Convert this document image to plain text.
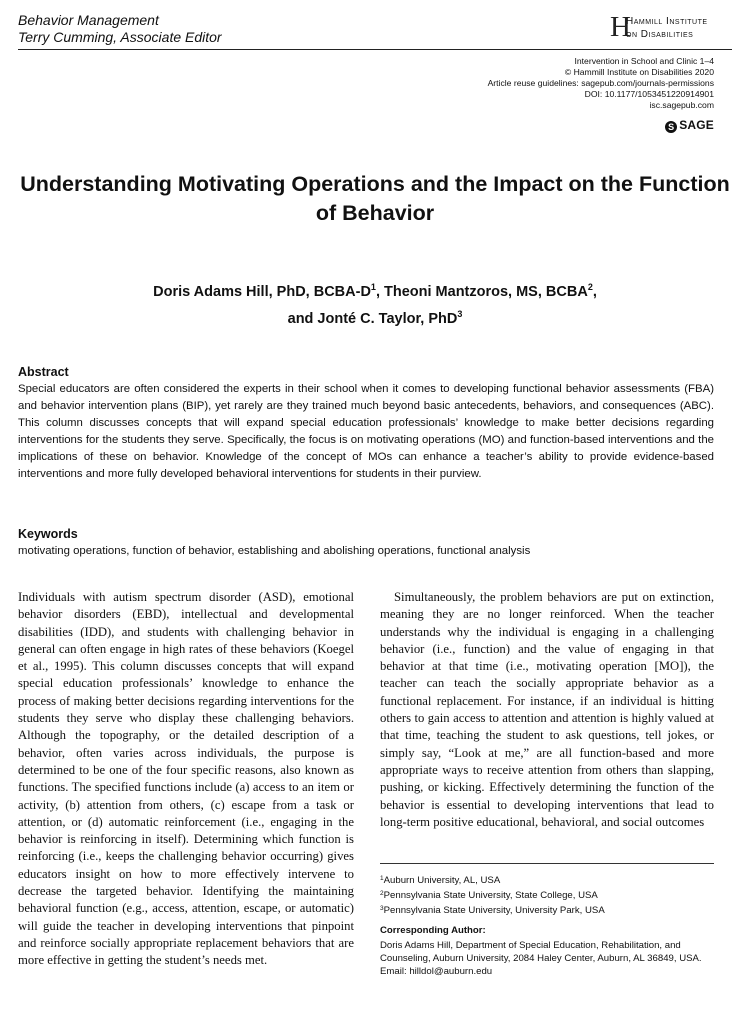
Behavior Management
Terry Cumming, Associate Editor	H
Hammill Institute
on Disabilities
Intervention in School and Clinic 1–4
© Hammill Institute on Disabilities 2020
Article reuse guidelines: sagepub.com/journals-permissions
DOI: 10.1177/1053451220914901
isc.sagepub.com
S SAGE
Understanding Motivating Operations and the Impact on the Function of Behavior
Doris Adams Hill, PhD, BCBA-$D^1$, Theoni Mantzoros, MS, BCBA$^2$,
and Jonté C. Taylor, PhD$^3$
Abstract
Special educators are often considered the experts in their school when it comes to developing functional behavior assessments (FBA) and behavior intervention plans (BIP), yet rarely are they trained much beyond basic antecedents, behaviors, and consequences (ABC). This column discusses concepts that will expand special education professionals’ knowledge to make better decisions regarding interventions for the students they serve. Specifically, the focus is on motivating operations (MO) and function-based interventions and the implications of these on behavior. Knowledge of the concept of MOs can enhance a teacher’s ability to provide evidence-based interventions and more fully developed behavioral interventions for students in their purview.
Keywords
motivating operations, function of behavior, establishing and abolishing operations, functional analysis
Individuals with autism spectrum disorder (ASD), emotional behavior disorders (EBD), intellectual and developmental disabilities (IDD), and students with challenging behavior in general can often engage in high rates of these behaviors (Koegel et al., 1995). This column discusses concepts that will expand special education professionals’ knowledge to enhance the process of making better decisions regarding interventions for the students they serve who display these challenging behaviors. Although the topography, or the detailed description of a behavior, often varies across individuals, the purpose is determined to be one of the four specific reasons, also known as functions. The specified functions include (a) access to an item or activity, (b) attention from others, (c) escape from a task or attention, or (d) automatic reinforcement (i.e., engaging in the behavior is reinforcing in itself). Determining which function is reinforcing (i.e., keeps the challenging behavior occurring) gives educators insight on how to more effectively intervene to decrease the targeted behavior. Identifying the maintaining behavioral function (e.g., access, attention, escape, or automatic) will guide the teacher in developing interventions that pinpoint and reinforce socially appropriate replacement behaviors that are more effective in getting the student’s needs met.
Simultaneously, the problem behaviors are put on extinction, meaning they are no longer reinforced. When the teacher understands why the individual is engaging in a challenging behavior (i.e., function) and the value of engaging in that behavior at that time (i.e., motivating operation [MO]), the teacher can teach the socially appropriate behavior as a functional replacement. For instance, if an individual is hitting others to gain access to attention and attention is highly valued at that time, teaching the student to ask questions, tell jokes, or simply say, “Look at me,” are all function-based and more appropriate ways to receive attention from others than slapping, pushing, or kicking. Effectively determining the function of the behavior is essential to developing interventions that lead to long-term positive educational, behavioral, and social outcomes
$^1$Auburn University, AL, USA
$^2$Pennsylvania State University, State College, USA
$^3$Pennsylvania State University, University Park, USA
Corresponding Author:
Doris Adams Hill, Department of Special Education, Rehabilitation, and Counseling, Auburn University, 2084 Haley Center, Auburn, AL 36849, USA.
Email: hilldol@auburn.edu
